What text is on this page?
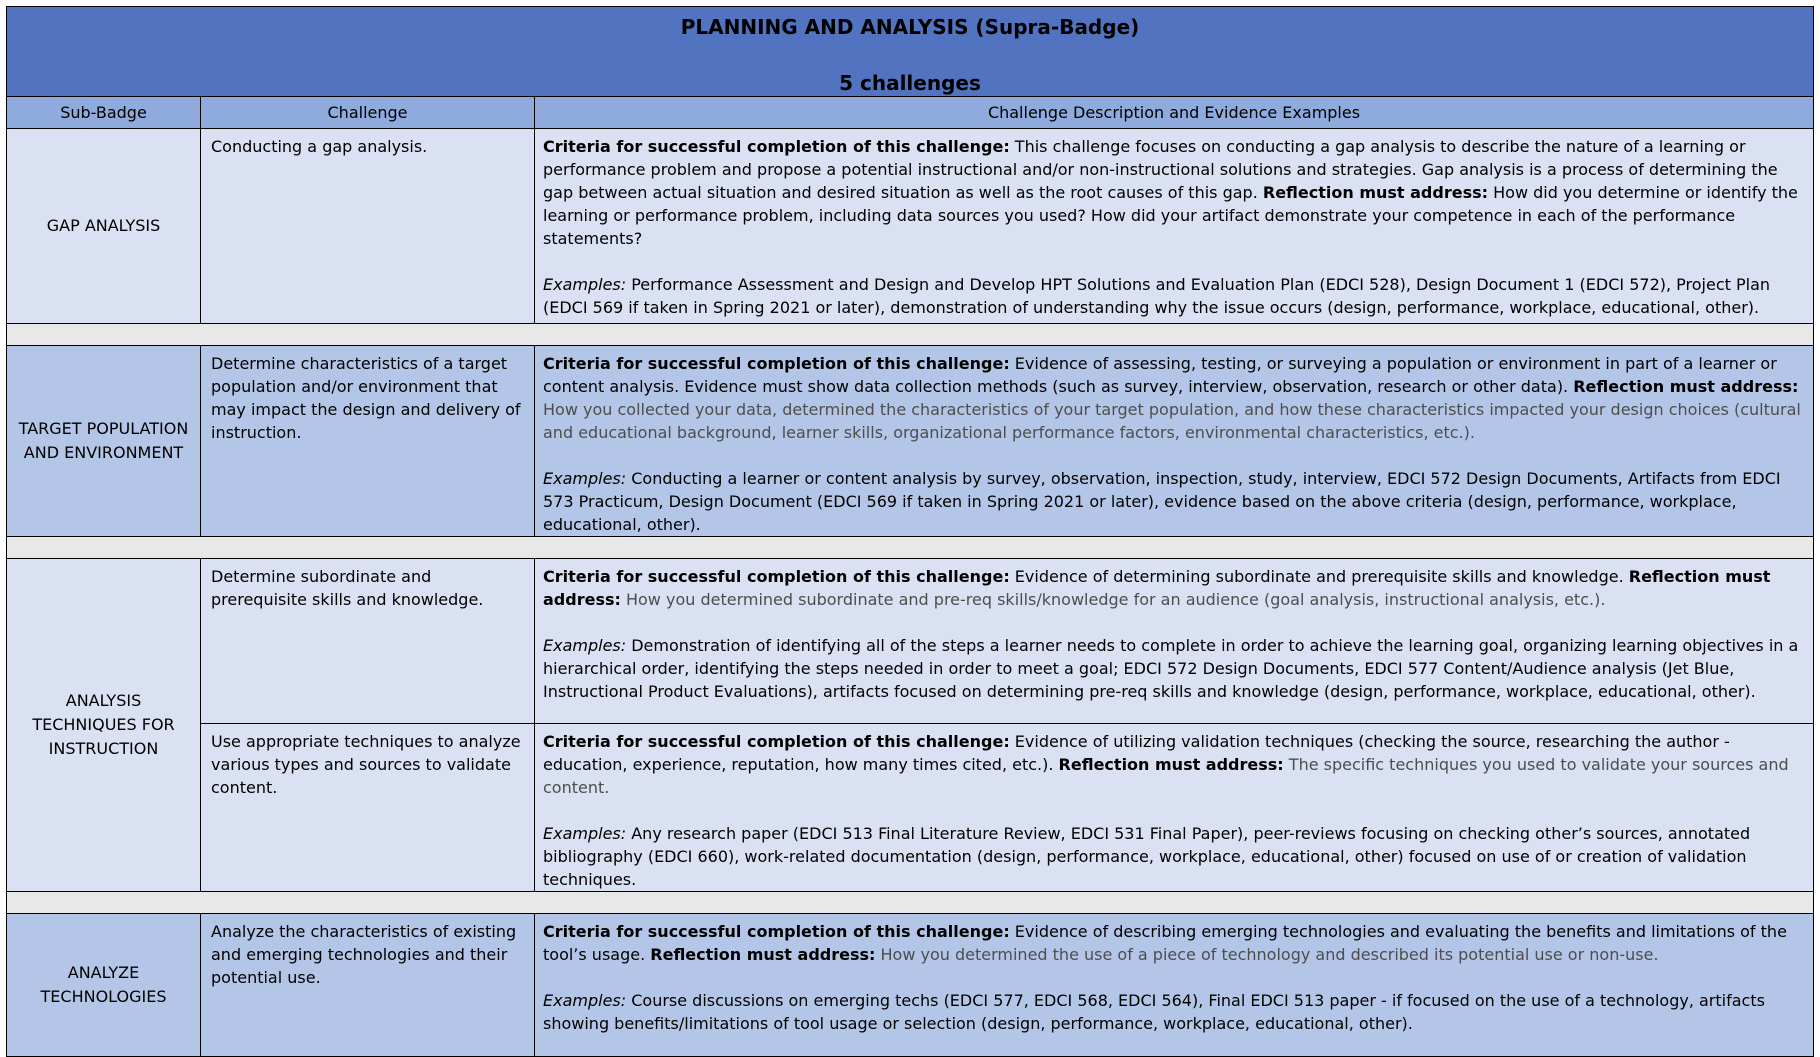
PLANNING AND ANALYSIS (Supra-Badge)
5 challenges		

Sub-Badge	Challenge	Challenge Description and Evidence Examples
GAP ANALYSIS	Conducting a gap analysis.	Criteria for successful completion of this challenge: This challenge focuses on conducting a gap analysis to describe the nature of a learning or performance problem and propose a potential instructional and/or non-instructional solutions and strategies. Gap analysis is a process of determining the gap between actual situation and desired situation as well as the root causes of this gap. Reflection must address: How did you determine or identify the learning or performance problem, including data sources you used? How did your artifact demonstrate your competence in each of the performance statements?

Examples: Performance Assessment and Design and Develop HPT Solutions and Evaluation Plan (EDCI 528), Design Document 1 (EDCI 572), Project Plan (EDCI 569 if taken in Spring 2021 or later), demonstration of understanding why the issue occurs (design, performance, workplace, educational, other).

TARGET POPULATION AND ENVIRONMENT	Determine characteristics of a target population and/or environment that may impact the design and delivery of instruction.	Criteria for successful completion of this challenge: Evidence of assessing, testing, or surveying a population or environment in part of a learner or content analysis. Evidence must show data collection methods (such as survey, interview, observation, research or other data). Reflection must address: How you collected your data, determined the characteristics of your target population, and how these characteristics impacted your design choices (cultural and educational background, learner skills, organizational performance factors, environmental characteristics, etc.).

Examples: Conducting a learner or content analysis by survey, observation, inspection, study, interview, EDCI 572 Design Documents, Artifacts from EDCI 573 Practicum, Design Document (EDCI 569 if taken in Spring 2021 or later), evidence based on the above criteria (design, performance, workplace, educational, other).

ANALYSIS TECHNIQUES FOR INSTRUCTION	Determine subordinate and prerequisite skills and knowledge.	Criteria for successful completion of this challenge: Evidence of determining subordinate and prerequisite skills and knowledge. Reflection must address: How you determined subordinate and pre-req skills/knowledge for an audience (goal analysis, instructional analysis, etc.).

Examples: Demonstration of identifying all of the steps a learner needs to complete in order to achieve the learning goal, organizing learning objectives in a hierarchical order, identifying the steps needed in order to meet a goal; EDCI 572 Design Documents, EDCI 577 Content/Audience analysis (Jet Blue, Instructional Product Evaluations), artifacts focused on determining pre-req skills and knowledge (design, performance, workplace, educational, other).

	Use appropriate techniques to analyze various types and sources to validate content.	Criteria for successful completion of this challenge: Evidence of utilizing validation techniques (checking the source, researching the author - education, experience, reputation, how many times cited, etc.). Reflection must address: The specific techniques you used to validate your sources and content.

Examples: Any research paper (EDCI 513 Final Literature Review, EDCI 531 Final Paper), peer-reviews focusing on checking other’s sources, annotated bibliography (EDCI 660), work-related documentation (design, performance, workplace, educational, other) focused on use of or creation of validation techniques.

ANALYZE TECHNOLOGIES	Analyze the characteristics of existing and emerging technologies and their potential use.	Criteria for successful completion of this challenge: Evidence of describing emerging technologies and evaluating the benefits and limitations of the tool’s usage. Reflection must address: How you determined the use of a piece of technology and described its potential use or non-use.

Examples: Course discussions on emerging techs (EDCI 577, EDCI 568, EDCI 564), Final EDCI 513 paper - if focused on the use of a technology, artifacts showing benefits/limitations of tool usage or selection (design, performance, workplace, educational, other).
